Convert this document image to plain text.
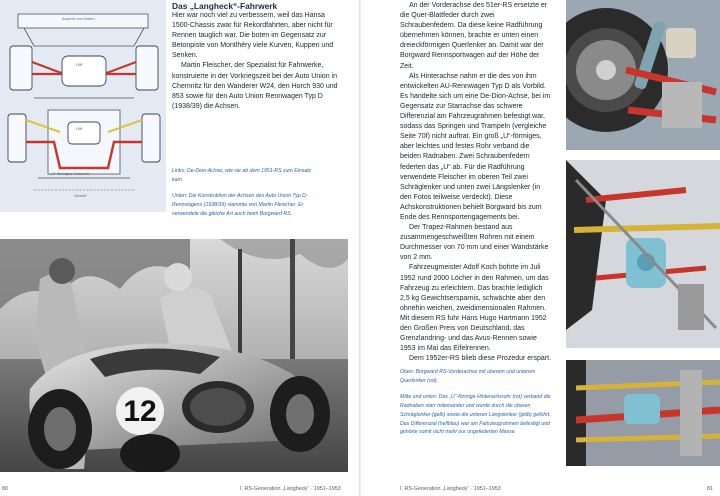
Ansicht von hinten
Diff.
Diff.
„U“-förmiges Achsrohr
Gestell
Das „Langheck“-Fahrwerk

Hier war noch viel zu verbessern, weil das Hansa 1500-Chassis zwar für Rekordfahrten, aber nicht für Rennen tauglich war. Die boten im Gegensatz zur Betonpiste von Montlhéry viele Kurven, Kuppen und Senken.

Martin Fleischer, der Spezialist für Fahrwerke, konstruierte in der Vorkriegszeit bei der Auto Union in Chemnitz für den Wanderer W24, den Horch 930 und 853 sowie für den Auto Union Rennwagen Typ D (1938/39) die Achsen.

Links: De-Dion-Achse, wie sie ab dem 1951-RS zum Einsatz kam.

Unten: Die Konstruktion der Achsen des Auto Union Typ D-Rennwagens (1938/39) stammte von Martin Fleischer. Er verwendete die gleiche Art auch beim Borgward RS.

12
80	I. RS-Generation „Langheck“ · 1951–1953

An der Vorderachse des 51er-RS ersetzte er die Quer-Blattfeder durch zwei Schraubenfedern. Da diese keine Radführung übernehmen können, brachte er unten einen dreieckförmigen Querlenker an. Damit war der Borgward Rennsportwagen auf der Höhe der Zeit.

Als Hinterachse nahm er die des von ihm entwickelten AU-Rennwagen Typ D als Vorbild. Es handelte sich um eine De-Dion-Achse, bei im Gegensatz zur Starrachse das schwere Differenzial am Fahrzeugrahmen befestigt war, sodass das Springen und Trampeln (vergleiche Seite 70f) nicht auftrat. Ein groß „U“-förmiges, aber leichtes und festes Rohr verband die beiden Radnaben. Zwei Schraubenfedern federten das „U“ ab. Für die Radführung verwendete Fleischer im oberen Teil zwei Schräglenker und unten zwei Längslenker (in den Fotos teilweise verdeckt). Diese Achskonstruktionen behielt Borgward bis zum Ende des Rennsportengagements bei.

Der Trapez-Rahmen bestand aus zusammengeschweißten Rohren mit einem Durchmesser von 70 mm und einer Wandstärke von 2 mm.

Fahrzeugmeister Adolf Koch bohrte im Juli 1952 rund 2000 Löcher in den Rahmen, um das Fahrzeug zu erleichtern. Das brachte lediglich 2,5 kg Gewichtsersparnis, schwächte aber den ohnehin weichen, zweidimensionalen Rahmen. Mit diesem RS fuhr Hans Hugo Hartmann 1952 den Großen Preis von Deutschland, das Grenzlandring- und das Avus-Rennen sowie 1953 im Mai das Eifelrennen.

Dem 1952er-RS blieb diese Prozedur erspart.

Oben: Borgward RS-Vorderachse mit oberem und unterem Querlenker (rot).

Mitte und unten: Das „U“-förmige Hinterachsrohr (rot) verband die Radnaben starr miteinander und wurde durch die oberen Schräglenker (gelb) sowie die unteren Längslenker (gelb) geführt. Das Differenzial (hellblau) war am Fahrzeugrahmen befestigt und gehörte somit nicht mehr zur ungefederten Masse.

I. RS-Generation „Langheck“ · 1951–1953	81
